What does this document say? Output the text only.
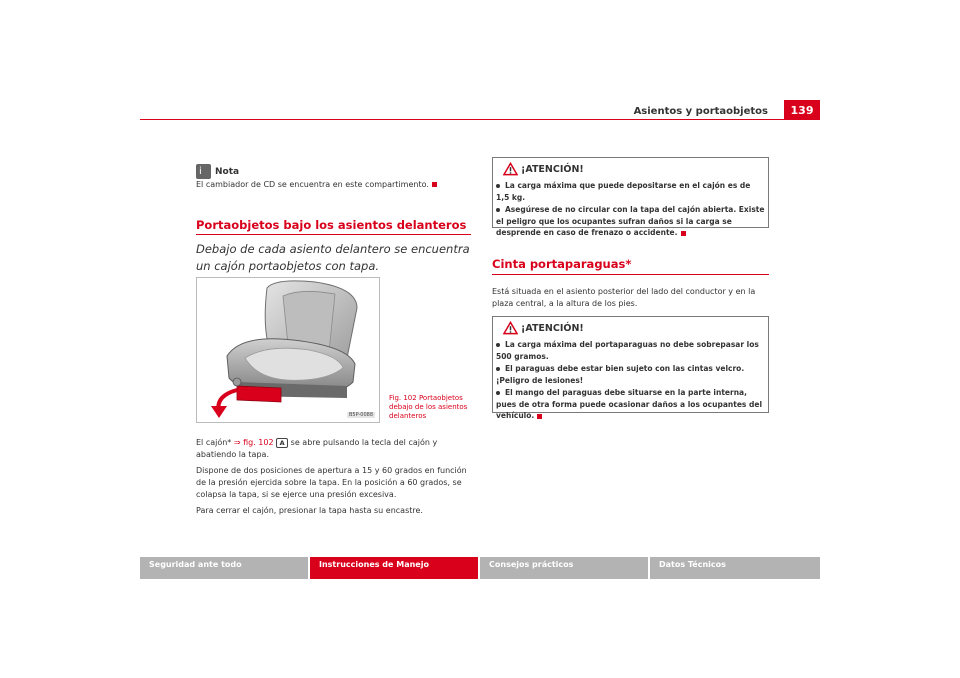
Asientos y portaobjetos	139
i Nota
El cambiador de CD se encuentra en este compartimento.
Portaobjetos bajo los asientos delanteros
Debajo de cada asiento delantero se encuentra un cajón portaobjetos con tapa.
B5P-0088
Fig. 102 Portaobjetos debajo de los asientos delanteros
El cajón* ⇒ fig. 102 A se abre pulsando la tecla del cajón y abatiendo la tapa.
Dispone de dos posiciones de apertura a 15 y 60 grados en función de la presión ejercida sobre la tapa. En la posición a 60 grados, se colapsa la tapa, si se ejerce una presión excesiva.
Para cerrar el cajón, presionar la tapa hasta su encastre.
¡ATENCIÓN!
La carga máxima que puede depositarse en el cajón es de 1,5 kg.
Asegúrese de no circular con la tapa del cajón abierta. Existe el peligro que los ocupantes sufran daños si la carga se desprende en caso de frenazo o accidente.
Cinta portaparaguas*
Está situada en el asiento posterior del lado del conductor y en la plaza central, a la altura de los pies.
¡ATENCIÓN!
La carga máxima del portaparaguas no debe sobrepasar los 500 gramos.
El paraguas debe estar bien sujeto con las cintas velcro. ¡Peligro de lesiones!
El mango del paraguas debe situarse en la parte interna, pues de otra forma puede ocasionar daños a los ocupantes del vehículo.
Seguridad ante todo	Instrucciones de Manejo	Consejos prácticos	Datos Técnicos
